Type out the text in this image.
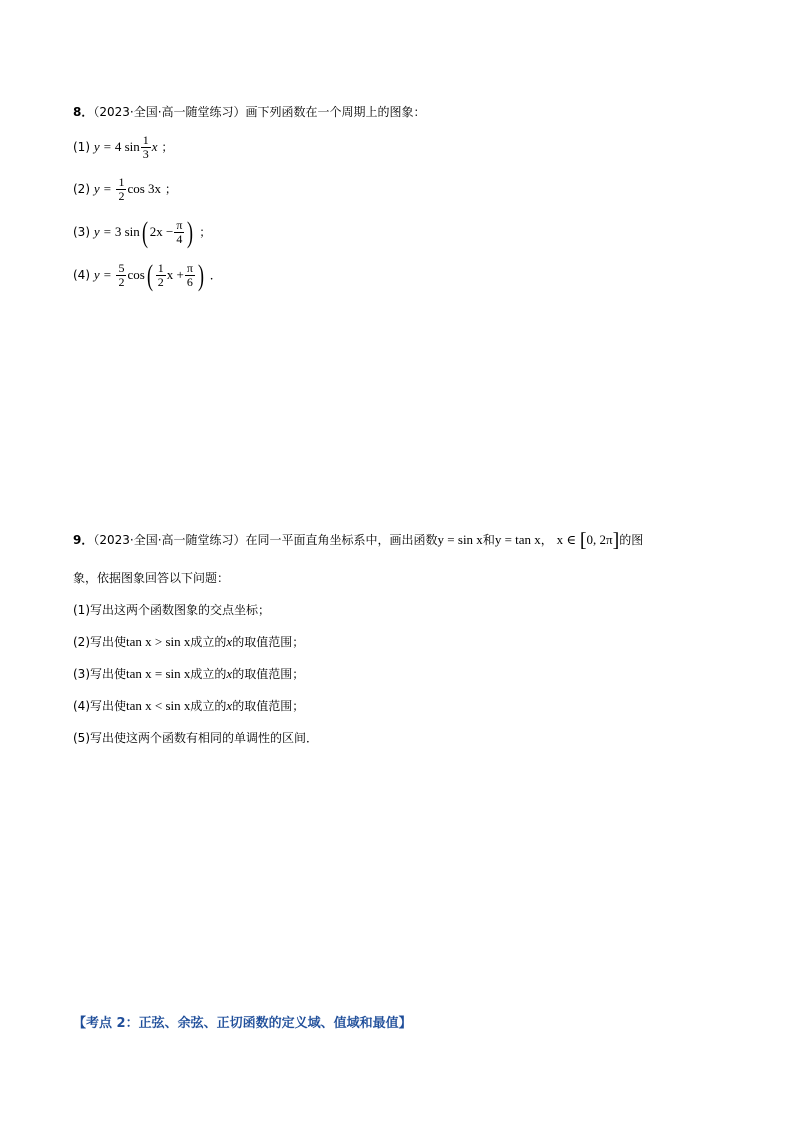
8．（2023·全国·高一随堂练习）画下列函数在一个周期上的图象：
(1) y = 4 $\sin \frac{1}{3}$ x ；
(2) $y = \frac{1}{2}$ cos 3x ；
(3) y = 3 sin( $2x - \frac{\pi}{4}$ ) ；
(4) $y = \frac{5}{2} \cos( \frac{1}{2}$ $x + \frac{\pi}{6}$ ) ．
9．（2023·全国·高一随堂练习）在同一平面直角坐标系中，画出函数y = sin x和y = tan x， x ∈ [0, 2π]的图
象，依据图象回答以下问题：
(1)写出这两个函数图象的交点坐标；
(2)写出使tan x > sin x成立的x的取值范围；
(3)写出使tan x = sin x成立的x的取值范围；
(4)写出使tan x < sin x成立的x的取值范围；
(5)写出使这两个函数有相同的单调性的区间．
【考点 2：正弦、余弦、正切函数的定义域、值域和最值】
